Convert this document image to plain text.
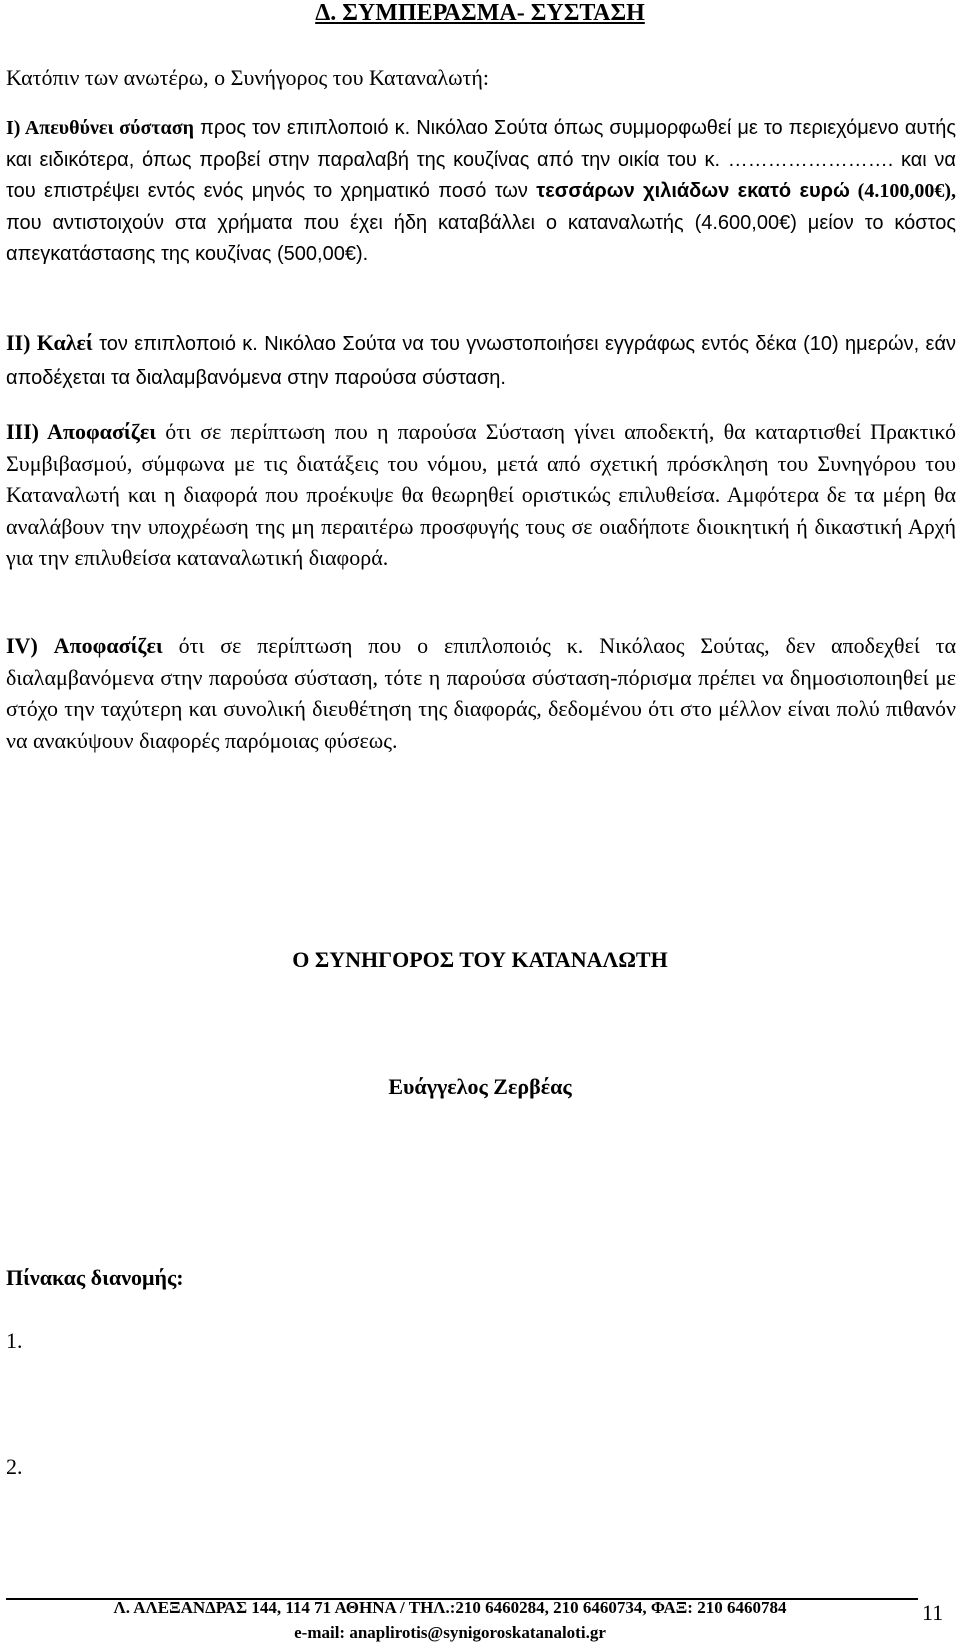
Δ. ΣΥΜΠΕΡΑΣΜΑ- ΣΥΣΤΑΣΗ
Κατόπιν των ανωτέρω, ο Συνήγορος του Καταναλωτή:
Ι) Απευθύνει σύσταση προς τον επιπλοποιό κ. Νικόλαο Σούτα όπως συμμορφωθεί με το περιεχόμενο αυτής και ειδικότερα, όπως προβεί στην παραλαβή της κουζίνας από την οικία του κ. ……………………. και να του επιστρέψει εντός ενός μηνός το χρηματικό ποσό των τεσσάρων χιλιάδων εκατό ευρώ (4.100,00€), που αντιστοιχούν στα χρήματα που έχει ήδη καταβάλλει ο καταναλωτής (4.600,00€) μείον το κόστος απεγκατάστασης της κουζίνας (500,00€).
ΙΙ) Καλεί τον επιπλοποιό κ. Νικόλαο Σούτα να του γνωστοποιήσει εγγράφως εντός δέκα (10) ημερών, εάν αποδέχεται τα διαλαμβανόμενα στην παρούσα σύσταση.
ΙΙΙ) Αποφασίζει ότι σε περίπτωση που η παρούσα Σύσταση γίνει αποδεκτή, θα καταρτισθεί Πρακτικό Συμβιβασμού, σύμφωνα με τις διατάξεις του νόμου, μετά από σχετική πρόσκληση του Συνηγόρου του Καταναλωτή και η διαφορά που προέκυψε θα θεωρηθεί οριστικώς επιλυθείσα. Αμφότερα δε τα μέρη θα αναλάβουν την υποχρέωση της μη περαιτέρω προσφυγής τους σε οιαδήποτε διοικητική ή δικαστική Αρχή για την επιλυθείσα καταναλωτική διαφορά.
ΙV) Αποφασίζει ότι σε περίπτωση που ο επιπλοποιός κ. Νικόλαος Σούτας, δεν αποδεχθεί τα διαλαμβανόμενα στην παρούσα σύσταση, τότε η παρούσα σύσταση-πόρισμα πρέπει να δημοσιοποιηθεί με στόχο την ταχύτερη και συνολική διευθέτηση της διαφοράς, δεδομένου ότι στο μέλλον είναι πολύ πιθανόν να ανακύψουν διαφορές παρόμοιας φύσεως.
Ο ΣΥΝΗΓΟΡΟΣ ΤΟΥ ΚΑΤΑΝΑΛΩΤΗ
Ευάγγελος Ζερβέας
Πίνακας διανομής:
1.
2.
Λ. ΑΛΕΞΑΝΔΡΑΣ 144, 114 71 ΑΘΗΝΑ / ΤΗΛ.:210 6460284, 210 6460734, ΦΑΞ: 210 6460784
e-mail: anaplirotis@synigoroskatanaloti.gr
11
